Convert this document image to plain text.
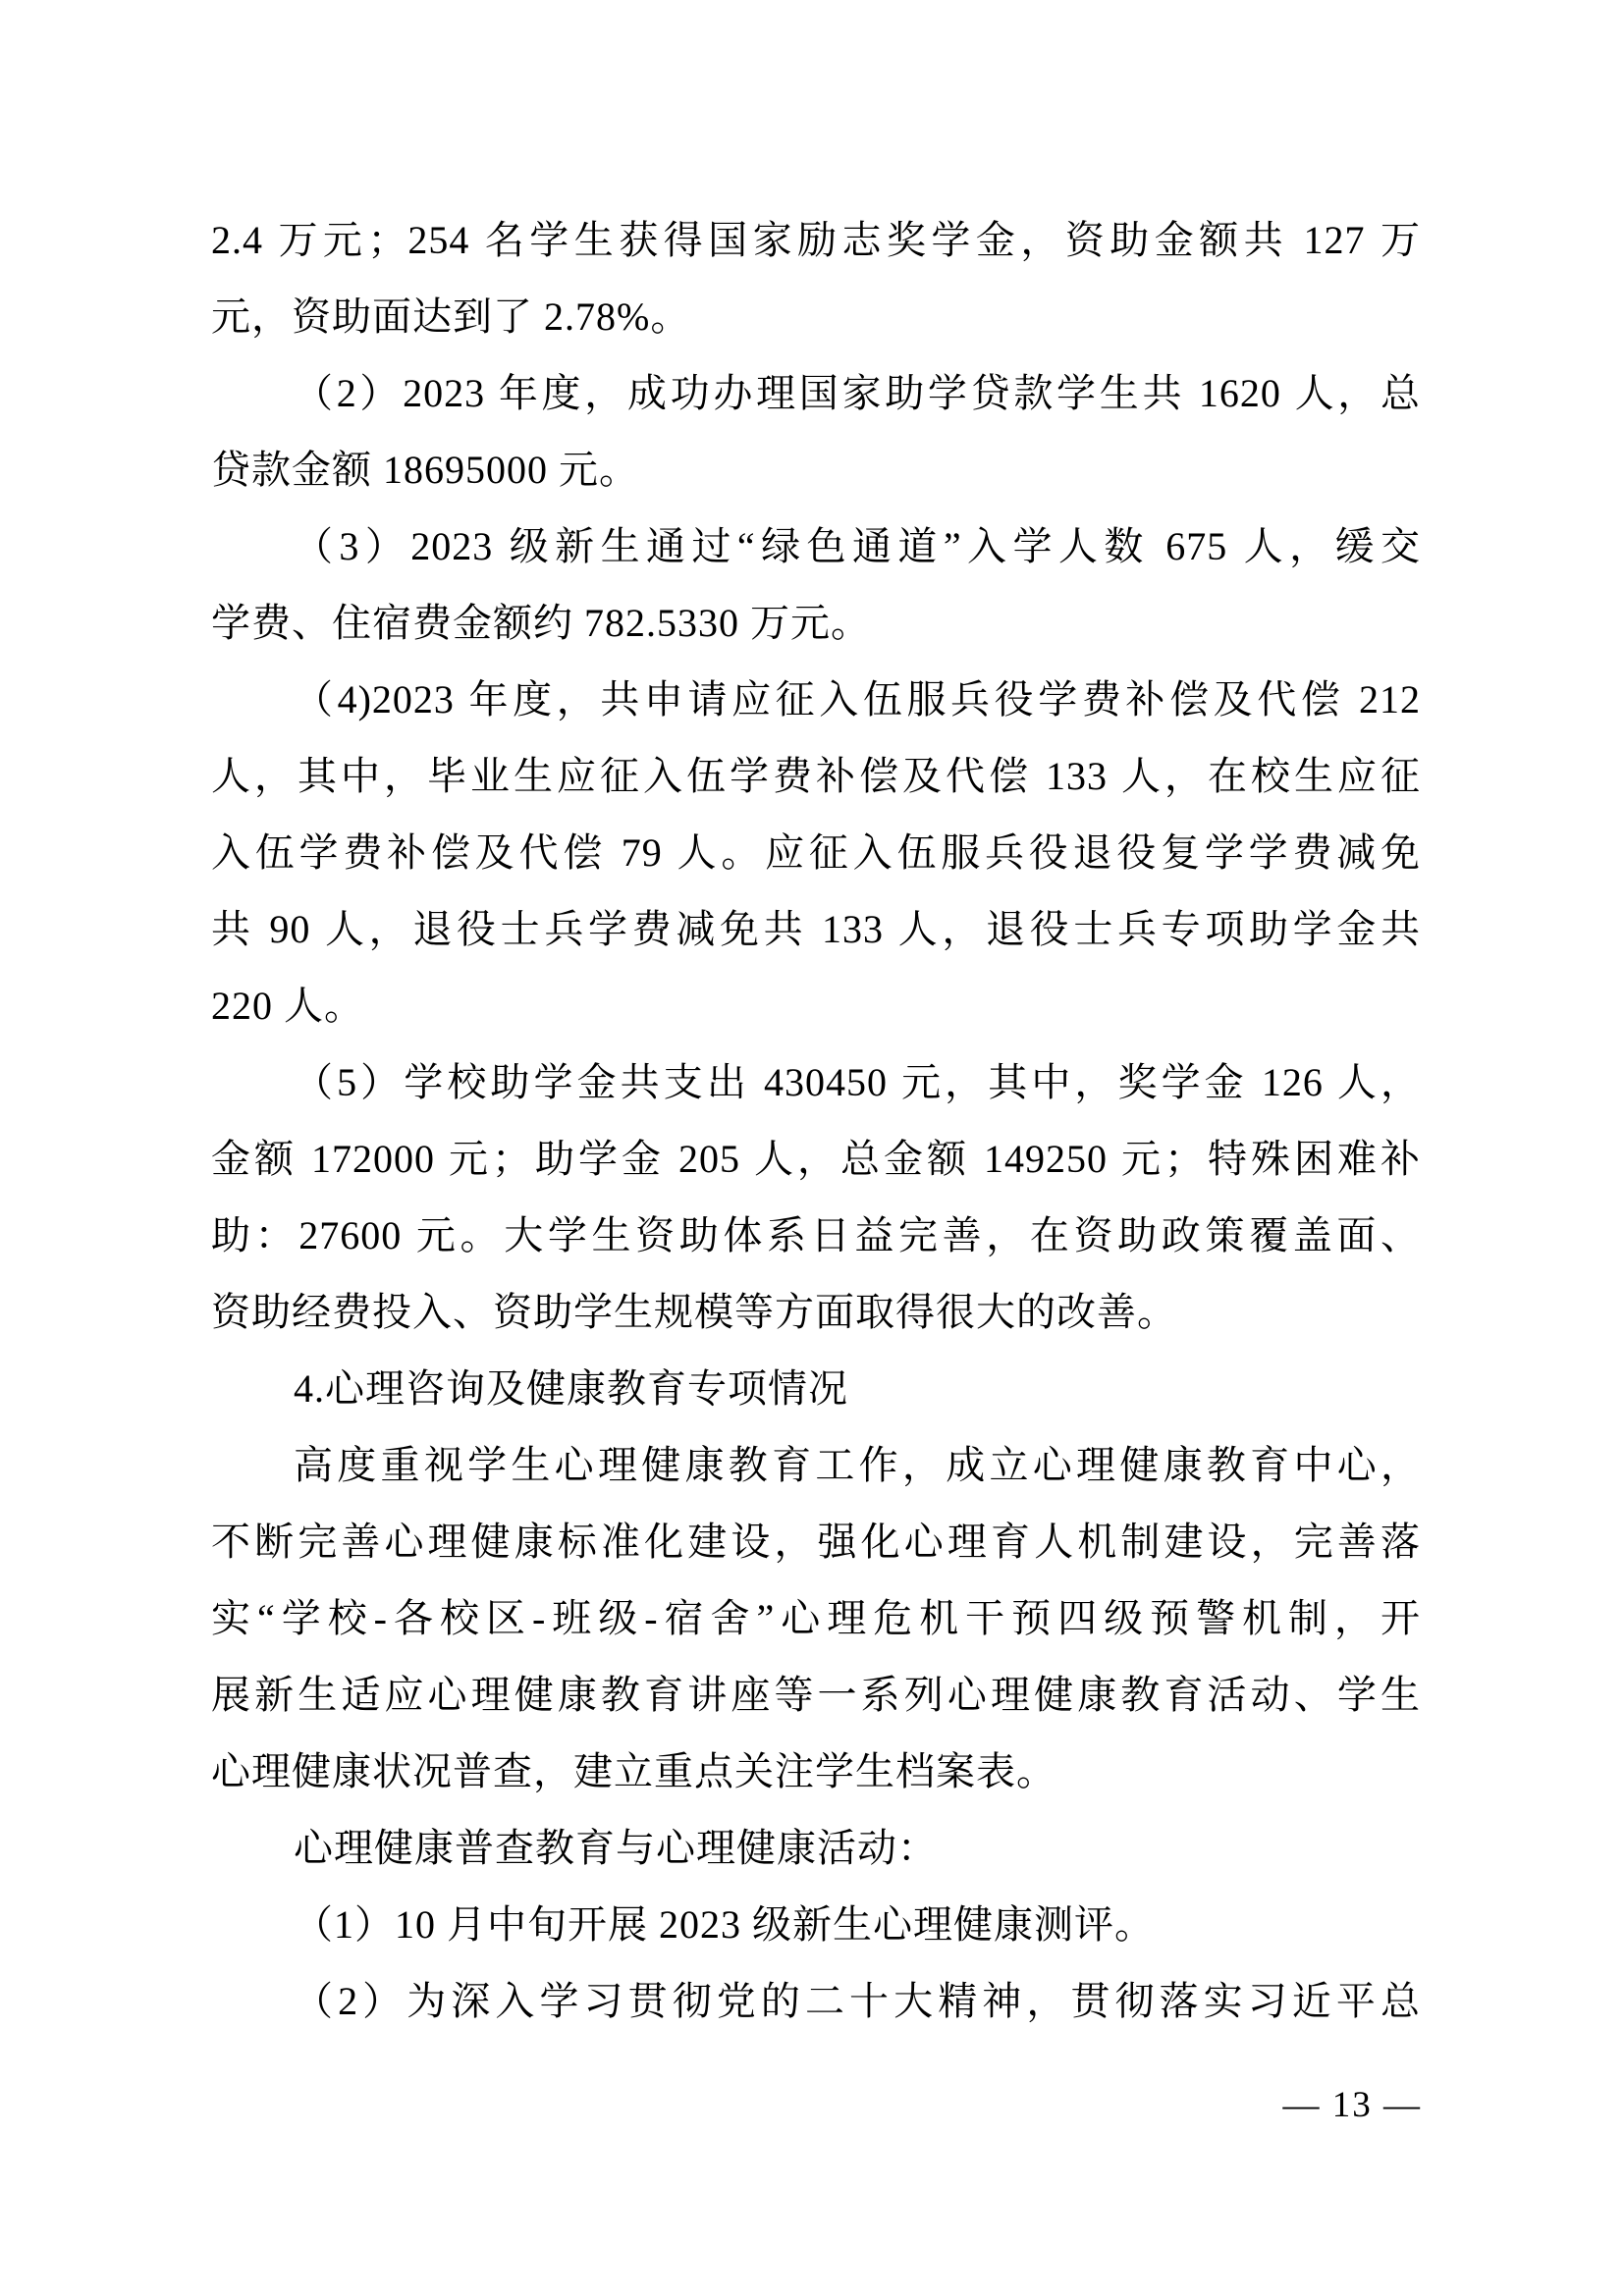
2.4 万元；254 名学生获得国家励志奖学金，资助金额共 127 万
元，资助面达到了 2.78%。
（2）2023 年度，成功办理国家助学贷款学生共 1620 人，总
贷款金额 18695000 元。
（3）2023 级新生通过“绿色通道”入学人数 675 人，缓交
学费、住宿费金额约 782.5330 万元。
（4)2023 年度，共申请应征入伍服兵役学费补偿及代偿 212
人，其中，毕业生应征入伍学费补偿及代偿 133 人，在校生应征
入伍学费补偿及代偿 79 人。应征入伍服兵役退役复学学费减免
共 90 人，退役士兵学费减免共 133 人，退役士兵专项助学金共
220 人。
（5）学校助学金共支出 430450 元，其中，奖学金 126 人，
金额 172000 元；助学金 205 人，总金额 149250 元；特殊困难补
助：27600 元。大学生资助体系日益完善，在资助政策覆盖面、
资助经费投入、资助学生规模等方面取得很大的改善。
4.心理咨询及健康教育专项情况
高度重视学生心理健康教育工作，成立心理健康教育中心，
不断完善心理健康标准化建设，强化心理育人机制建设，完善落
实“学校-各校区-班级-宿舍”心理危机干预四级预警机制，开
展新生适应心理健康教育讲座等一系列心理健康教育活动、学生
心理健康状况普查，建立重点关注学生档案表。
心理健康普查教育与心理健康活动：
（1）10 月中旬开展 2023 级新生心理健康测评。
（2）为深入学习贯彻党的二十大精神，贯彻落实习近平总
— 13 —
